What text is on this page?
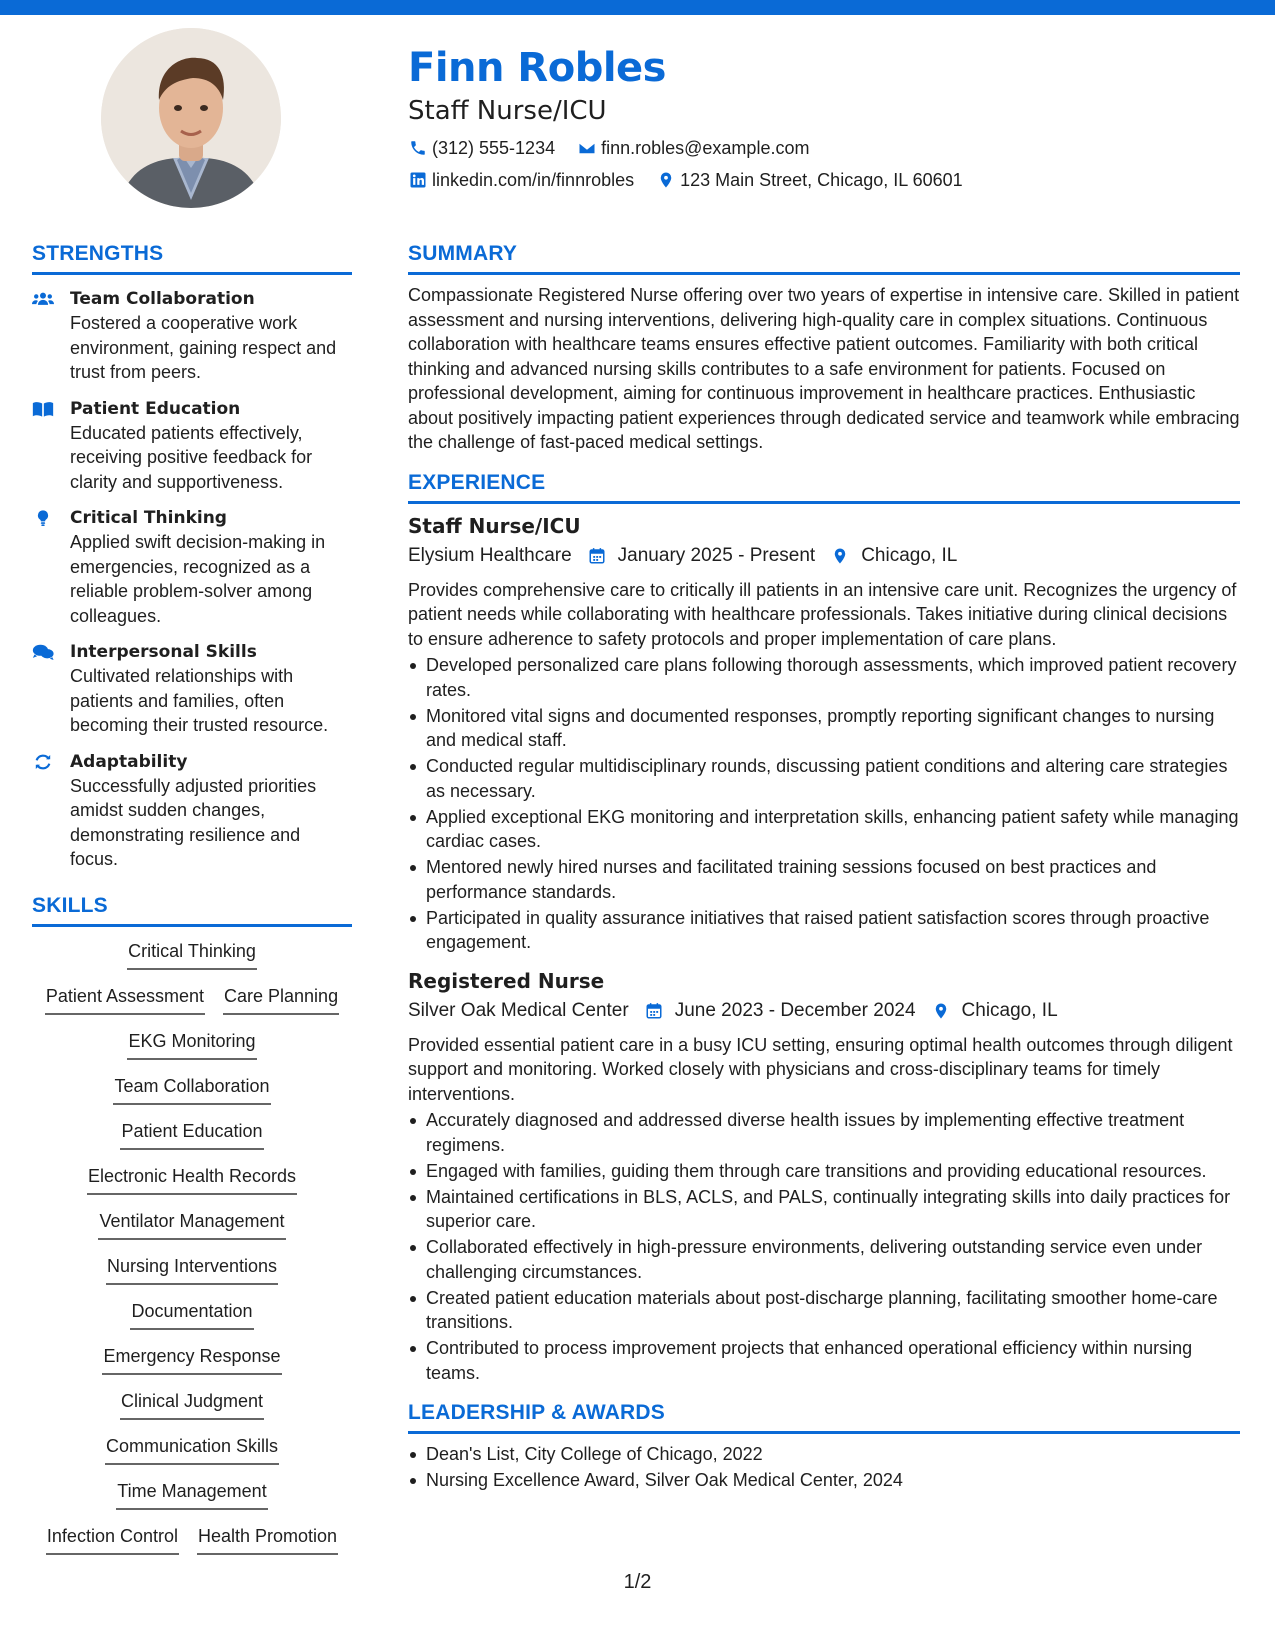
Finn Robles
Staff Nurse/ICU
(312) 555-1234	finn.robles@example.com
linkedin.com/in/finnrobles	123 Main Street, Chicago, IL 60601
STRENGTHS
Team Collaboration
Fostered a cooperative work environment, gaining respect and trust from peers.
Patient Education
Educated patients effectively, receiving positive feedback for clarity and supportiveness.
Critical Thinking
Applied swift decision-making in emergencies, recognized as a reliable problem-solver among colleagues.
Interpersonal Skills
Cultivated relationships with patients and families, often becoming their trusted resource.
Adaptability
Successfully adjusted priorities amidst sudden changes, demonstrating resilience and focus.
SKILLS
Critical Thinking
Patient Assessment Care Planning
EKG Monitoring
Team Collaboration
Patient Education
Electronic Health Records
Ventilator Management
Nursing Interventions
Documentation
Emergency Response
Clinical Judgment
Communication Skills
Time Management
Infection Control Health Promotion
SUMMARY

Compassionate Registered Nurse offering over two years of expertise in intensive care. Skilled in patient assessment and nursing interventions, delivering high-quality care in complex situations. Continuous collaboration with healthcare teams ensures effective patient outcomes. Familiarity with both critical thinking and advanced nursing skills contributes to a safe environment for patients. Focused on professional development, aiming for continuous improvement in healthcare practices. Enthusiastic about positively impacting patient experiences through dedicated service and teamwork while embracing the challenge of fast-paced medical settings.

EXPERIENCE
Staff Nurse/ICU
Elysium Healthcare January 2025 - Present Chicago, IL

Provides comprehensive care to critically ill patients in an intensive care unit. Recognizes the urgency of patient needs while collaborating with healthcare professionals. Takes initiative during clinical decisions to ensure adherence to safety protocols and proper implementation of care plans.

Developed personalized care plans following thorough assessments, which improved patient recovery rates.
Monitored vital signs and documented responses, promptly reporting significant changes to nursing and medical staff.
Conducted regular multidisciplinary rounds, discussing patient conditions and altering care strategies as necessary.
Applied exceptional EKG monitoring and interpretation skills, enhancing patient safety while managing cardiac cases.
Mentored newly hired nurses and facilitated training sessions focused on best practices and performance standards.
Participated in quality assurance initiatives that raised patient satisfaction scores through proactive engagement.
Registered Nurse
Silver Oak Medical Center June 2023 - December 2024 Chicago, IL

Provided essential patient care in a busy ICU setting, ensuring optimal health outcomes through diligent support and monitoring. Worked closely with physicians and cross-disciplinary teams for timely interventions.

Accurately diagnosed and addressed diverse health issues by implementing effective treatment regimens.
Engaged with families, guiding them through care transitions and providing educational resources.
Maintained certifications in BLS, ACLS, and PALS, continually integrating skills into daily practices for superior care.
Collaborated effectively in high-pressure environments, delivering outstanding service even under challenging circumstances.
Created patient education materials about post-discharge planning, facilitating smoother home-care transitions.
Contributed to process improvement projects that enhanced operational efficiency within nursing teams.
LEADERSHIP & AWARDS
Dean's List, City College of Chicago, 2022
Nursing Excellence Award, Silver Oak Medical Center, 2024
1/2
